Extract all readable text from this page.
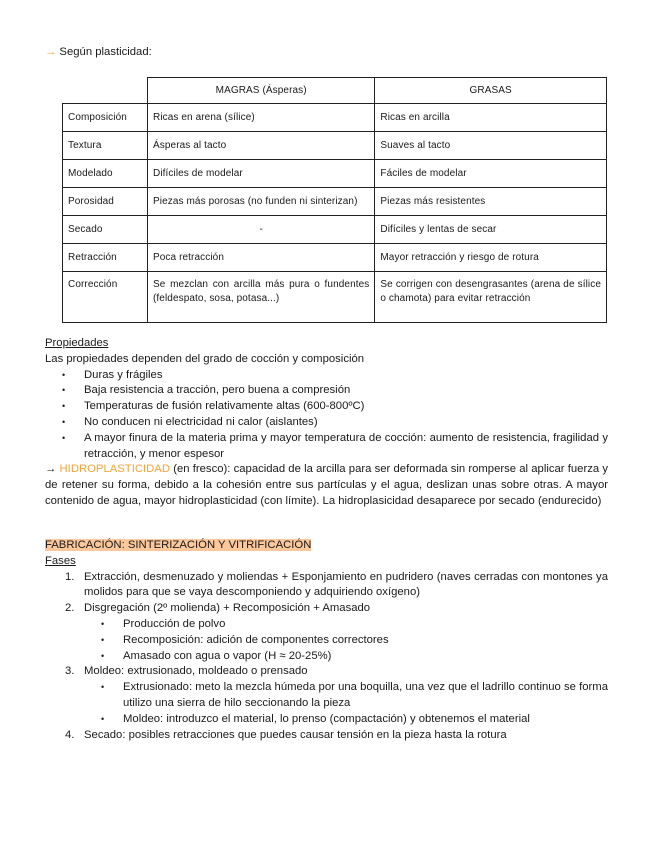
→ Según plasticidad:
	MAGRAS (Ásperas)	GRASAS
Composición	Ricas en arena (sílice)	Ricas en arcilla
Textura	Ásperas al tacto	Suaves al tacto
Modelado	Difíciles de modelar	Fáciles de modelar
Porosidad	Piezas más porosas (no funden ni sinterizan)	Piezas más resistentes
Secado	-	Difíciles y lentas de secar
Retracción	Poca retracción	Mayor retracción y riesgo de rotura
Corrección	Se mezclan con arcilla más pura o fundentes (feldespato, sosa, potasa...)	Se corrigen con desengrasantes (arena de sílice o chamota) para evitar retracción
Propiedades
Las propiedades dependen del grado de cocción y composición
• Duras y frágiles
• Baja resistencia a tracción, pero buena a compresión
• Temperaturas de fusión relativamente altas (600-800ºC)
• No conducen ni electricidad ni calor (aislantes)
• A mayor finura de la materia prima y mayor temperatura de cocción: aumento de resistencia, fragilidad y retracción, y menor espesor
→ HIDROPLASTICIDAD (en fresco): capacidad de la arcilla para ser deformada sin romperse al aplicar fuerza y de retener su forma, debido a la cohesión entre sus partículas y el agua, deslizan unas sobre otras. A mayor contenido de agua, mayor hidroplasticidad (con límite). La hidroplasicidad desaparece por secado (endurecido)
FABRICACIÓN: SINTERIZACIÓN Y VITRIFICACIÓN
Fases
1. Extracción, desmenuzado y moliendas + Esponjamiento en pudridero (naves cerradas con montones ya molidos para que se vaya descomponiendo y adquiriendo oxígeno)
2. Disgregación (2º molienda) + Recomposición + Amasado
• Producción de polvo
• Recomposición: adición de componentes correctores
• Amasado con agua o vapor (H ≈ 20-25%)
3. Moldeo: extrusionado, moldeado o prensado
• Extrusionado: meto la mezcla húmeda por una boquilla, una vez que el ladrillo continuo se forma utilizo una sierra de hilo seccionando la pieza
• Moldeo: introduzco el material, lo prenso (compactación) y obtenemos el material
4. Secado: posibles retracciones que puedes causar tensión en la pieza hasta la rotura
